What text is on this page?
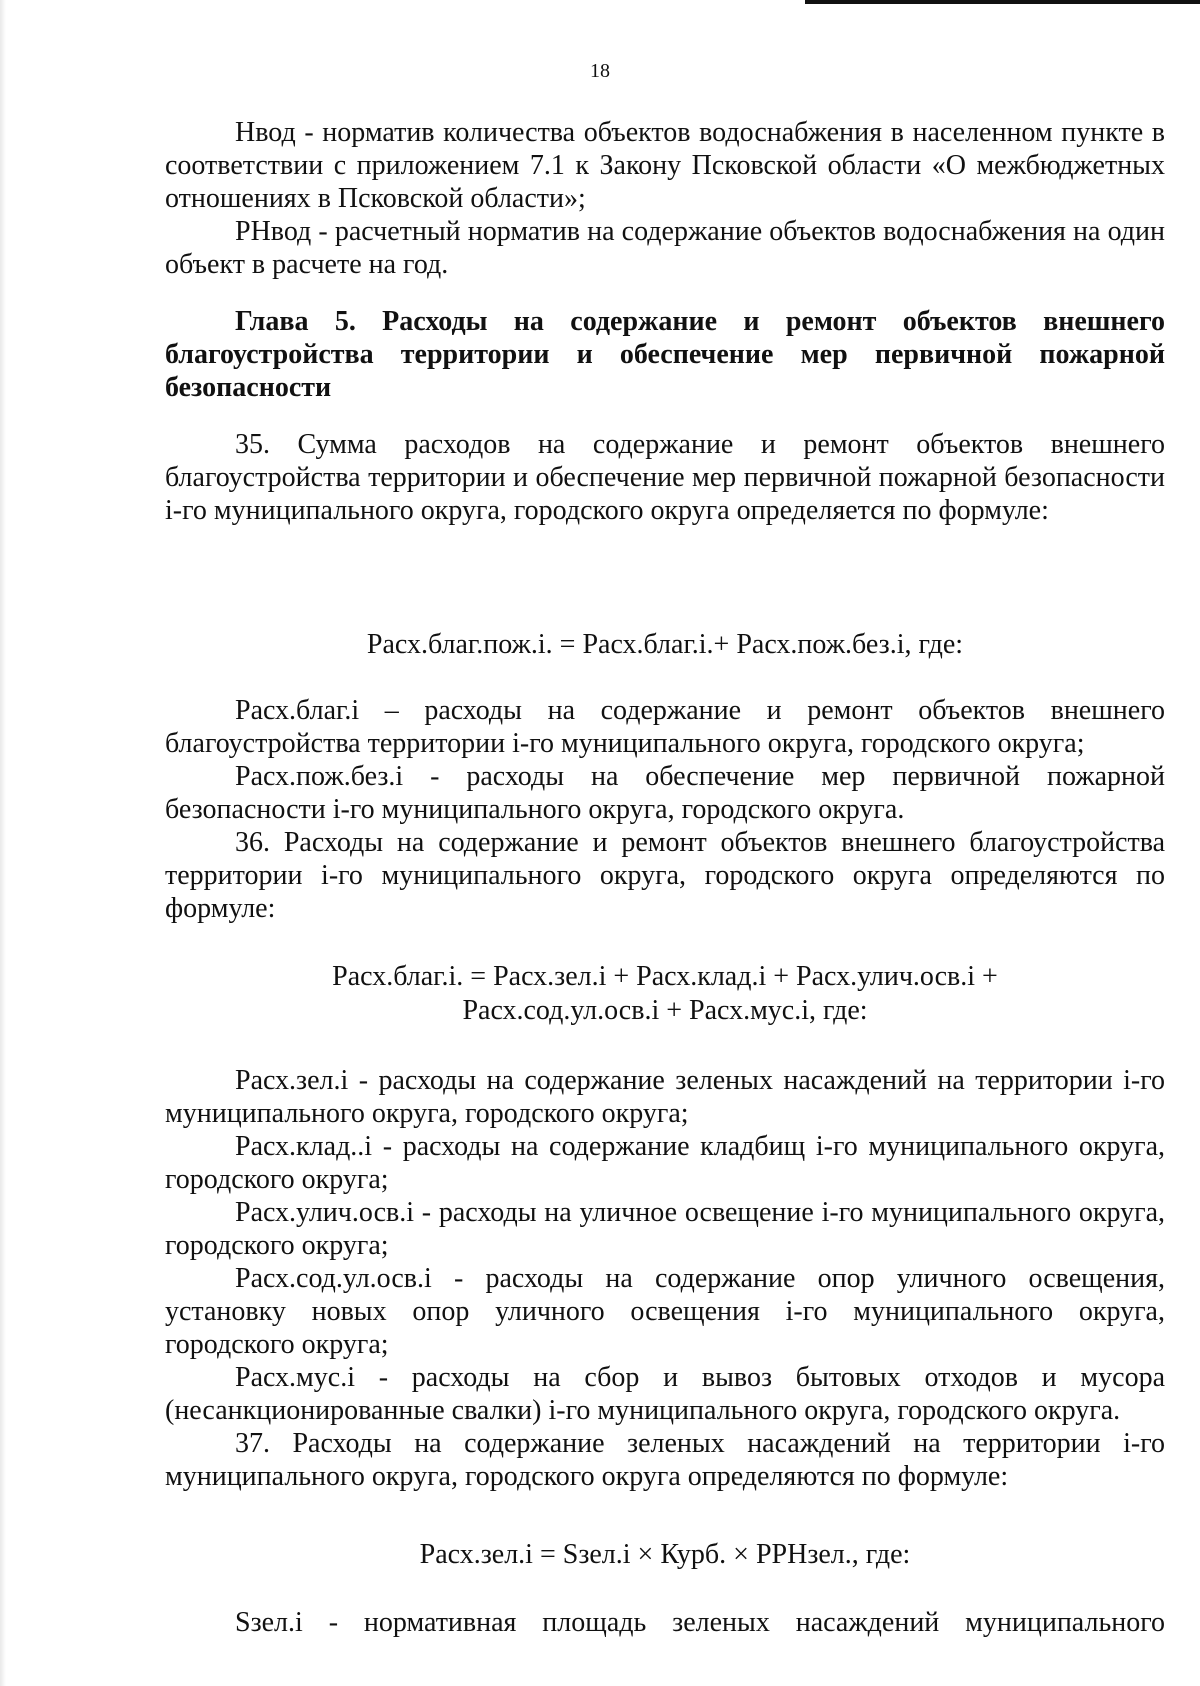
18

Нвод - норматив количества объектов водоснабжения в населенном пункте в соответствии с приложением 7.1 к Закону Псковской области «О межбюджетных отношениях в Псковской области»;

РНвод - расчетный норматив на содержание объектов водоснабжения на один объект в расчете на год.

Глава 5. Расходы на содержание и ремонт объектов внешнего благоустройства территории и обеспечение мер первичной пожарной безопасности

35. Сумма расходов на содержание и ремонт объектов внешнего благоустройства территории и обеспечение мер первичной пожарной безопасности i-го муниципального округа, городского округа определяется по формуле:

Расх.благ.пож.i. = Расх.благ.i.+ Расх.пож.без.i, где:

Расх.благ.i – расходы на содержание и ремонт объектов внешнего благоустройства территории i-го муниципального округа, городского округа;

Расх.пож.без.i - расходы на обеспечение мер первичной пожарной безопасности i-го муниципального округа, городского округа.

36. Расходы на содержание и ремонт объектов внешнего благоустройства территории i-го муниципального округа, городского округа определяются по формуле:

Расх.благ.i. = Расх.зел.i + Расх.клад.i + Расх.улич.осв.i +

Расх.сод.ул.осв.i + Расх.мус.i, где:

Расх.зел.i - расходы на содержание зеленых насаждений на территории i-го муниципального округа, городского округа;

Расх.клад..i - расходы на содержание кладбищ i-го муниципального округа, городского округа;

Расх.улич.осв.i - расходы на уличное освещение i-го муниципального округа, городского округа;

Расх.сод.ул.осв.i - расходы на содержание опор уличного освещения, установку новых опор уличного освещения i-го муниципального округа, городского округа;

Расх.мус.i - расходы на сбор и вывоз бытовых отходов и мусора (несанкционированные свалки) i-го муниципального округа, городского округа.

37. Расходы на содержание зеленых насаждений на территории i-го муниципального округа, городского округа определяются по формуле:

Расх.зел.i = Sзел.i × Курб. × РРНзел., где:

Sзел.i - нормативная площадь зеленых насаждений муниципального
